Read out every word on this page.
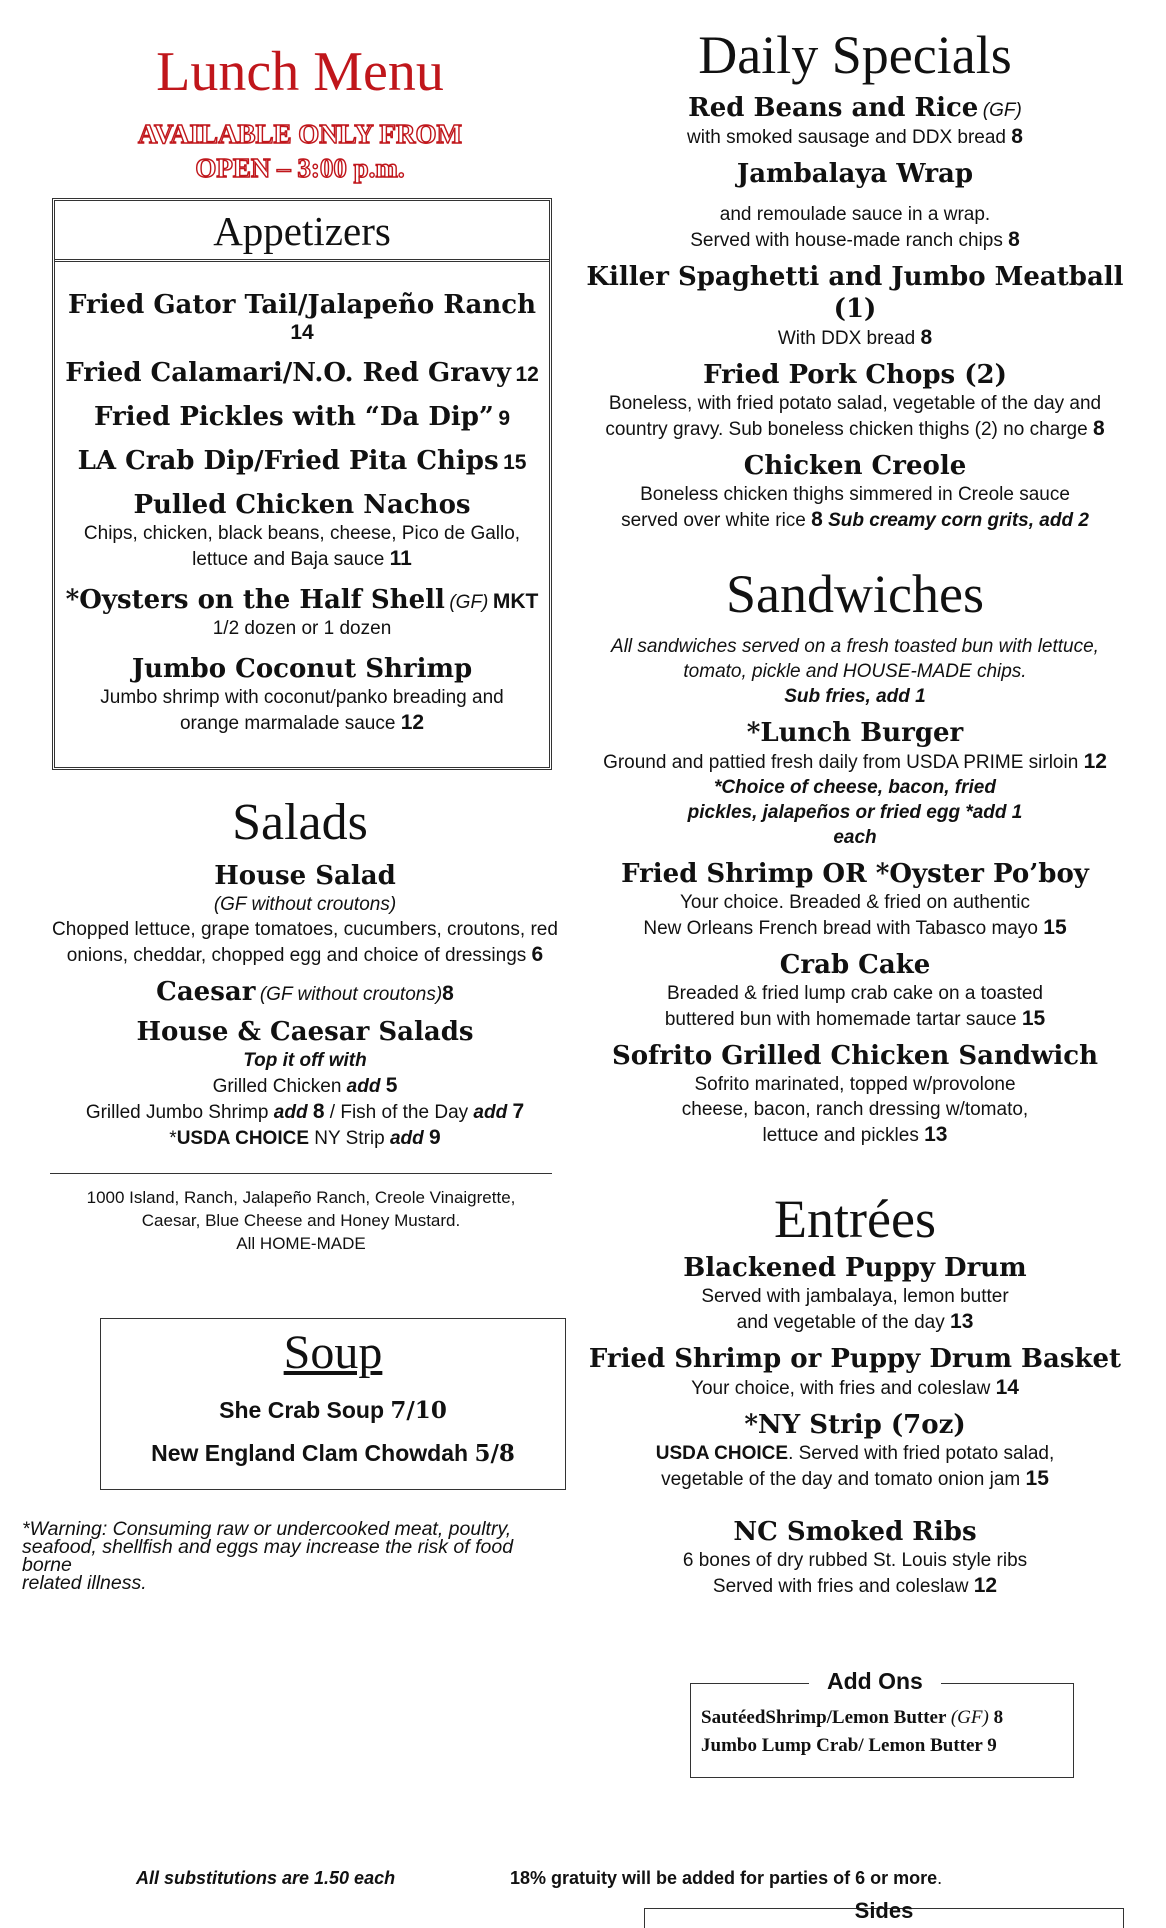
Lunch Menu
AVAILABLE ONLY FROM
OPEN – 3:00 p.m.
Appetizers
Fried Gator Tail/Jalapeño Ranch 14
Fried Calamari/N.O. Red Gravy 12
Fried Pickles with “Da Dip” 9
LA Crab Dip/Fried Pita Chips 15
Pulled Chicken Nachos
Chips, chicken, black beans, cheese, Pico de Gallo,
lettuce and Baja sauce 11
*Oysters on the Half Shell (GF) MKT
1/2 dozen or 1 dozen
Jumbo Coconut Shrimp
Jumbo shrimp with coconut/panko breading and
orange marmalade sauce 12
Salads
House Salad
(GF without croutons)
Chopped lettuce, grape tomatoes, cucumbers, croutons, red
onions, cheddar, chopped egg and choice of dressings 6
Caesar (GF without croutons)8
House & Caesar Salads
Top it off with
Grilled Chicken add 5
Grilled Jumbo Shrimp add 8 / Fish of the Day add 7
*USDA CHOICE NY Strip add 9
1000 Island, Ranch, Jalapeño Ranch, Creole Vinaigrette,
Caesar, Blue Cheese and Honey Mustard.
All HOME-MADE
Soup
She Crab Soup 7/10
New England Clam Chowdah 5/8
*Warning: Consuming raw or undercooked meat, poultry,
seafood, shellfish and eggs may increase the risk of food
borne
related illness.
Daily Specials
Red Beans and Rice (GF)
with smoked sausage and DDX bread 8
Jambalaya Wrap
and remoulade sauce in a wrap.
Served with house-made ranch chips 8
Killer Spaghetti and Jumbo Meatball (1)
With DDX bread 8
Fried Pork Chops (2)
Boneless, with fried potato salad, vegetable of the day and
country gravy. Sub boneless chicken thighs (2) no charge 8
Chicken Creole
Boneless chicken thighs simmered in Creole sauce
served over white rice 8 Sub creamy corn grits, add 2
Sandwiches
All sandwiches served on a fresh toasted bun with lettuce,
tomato, pickle and HOUSE-MADE chips.
Sub fries, add 1
*Lunch Burger
Ground and pattied fresh daily from USDA PRIME sirloin 12
*Choice of cheese, bacon, fried
pickles, jalapeños or fried egg *add 1
each
Fried Shrimp OR *Oyster Po’boy
Your choice. Breaded & fried on authentic
New Orleans French bread with Tabasco mayo 15
Crab Cake
Breaded & fried lump crab cake on a toasted
buttered bun with homemade tartar sauce 15
Sofrito Grilled Chicken Sandwich
Sofrito marinated, topped w/provolone
cheese, bacon, ranch dressing w/tomato,
lettuce and pickles 13
Entrées
Blackened Puppy Drum
Served with jambalaya, lemon butter
and vegetable of the day 13
Fried Shrimp or Puppy Drum Basket
Your choice, with fries and coleslaw 14
*NY Strip (7oz)
USDA CHOICE. Served with fried potato salad,
vegetable of the day and tomato onion jam 15
NC Smoked Ribs
6 bones of dry rubbed St. Louis style ribs
Served with fries and coleslaw 12
Add Ons
SautéedShrimp/Lemon Butter (GF) 8
Jumbo Lump Crab/ Lemon Butter 9
All substitutions are 1.50 each	18% gratuity will be added for parties of 6 or more.
Sides
